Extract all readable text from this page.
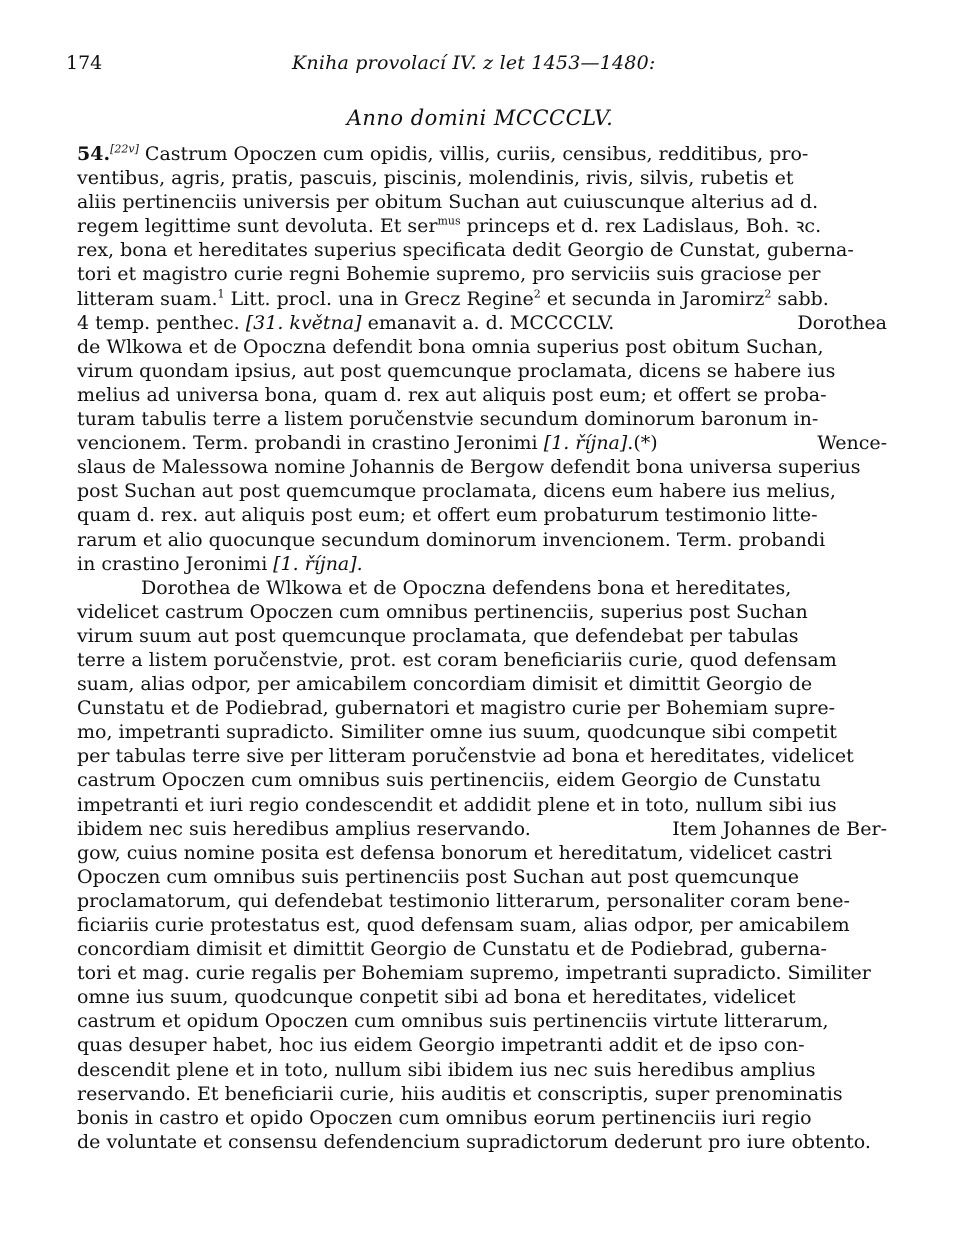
174	Kniha provolací IV. z let 1453—1480:
Anno domini MCCCCLV.
54.[22v] Castrum Opoczen cum opidis, villis, curiis, censibus, redditibus, pro-
ventibus, agris, pratis, pascuis, piscinis, molendinis, rivis, silvis, rubetis et
aliis pertinenciis universis per obitum Suchan aut cuiuscunque alterius ad d.
regem legittime sunt devoluta. Et ser$^{mus}$ princeps et d. rex Ladislaus, Boh. ꝛc.
rex, bona et hereditates superius specificata dedit Georgio de Cunstat, guberna-
tori et magistro curie regni Bohemie supremo, pro serviciis suis graciose per
litteram suam.$^1$ Litt. procl. una in Grecz Regine$^2$ et secunda in Jaromirz$^2$ sabb.
4 temp. penthec. [31. května] emanavit a. d. MCCCCLV.	Dorothea
de Wlkowa et de Opoczna defendit bona omnia superius post obitum Suchan,
virum quondam ipsius, aut post quemcunque proclamata, dicens se habere ius
melius ad universa bona, quam d. rex aut aliquis post eum; et offert se proba-
turam tabulis terre a listem poručenstvie secundum dominorum baronum in-
vencionem. Term. probandi in crastino Jeronimi [1. října].(*)	Wence-
slaus de Malessowa nomine Johannis de Bergow defendit bona universa superius
post Suchan aut post quemcumque proclamata, dicens eum habere ius melius,
quam d. rex. aut aliquis post eum; et offert eum probaturum testimonio litte-
rarum et alio quocunque secundum dominorum invencionem. Term. probandi
in crastino Jeronimi [1. října].
Dorothea de Wlkowa et de Opoczna defendens bona et hereditates,
videlicet castrum Opoczen cum omnibus pertinenciis, superius post Suchan
virum suum aut post quemcunque proclamata, que defendebat per tabulas
terre a listem poručenstvie, prot. est coram beneficiariis curie, quod defensam
suam, alias odpor, per amicabilem concordiam dimisit et dimittit Georgio de
Cunstatu et de Podiebrad, gubernatori et magistro curie per Bohemiam supre-
mo, impetranti supradicto. Similiter omne ius suum, quodcunque sibi competit
per tabulas terre sive per litteram poručenstvie ad bona et hereditates, videlicet
castrum Opoczen cum omnibus suis pertinenciis, eidem Georgio de Cunstatu
impetranti et iuri regio condescendit et addidit plene et in toto, nullum sibi ius
ibidem nec suis heredibus amplius reservando.	Item Johannes de Ber-
gow, cuius nomine posita est defensa bonorum et hereditatum, videlicet castri
Opoczen cum omnibus suis pertinenciis post Suchan aut post quemcunque
proclamatorum, qui defendebat testimonio litterarum, personaliter coram bene-
ficiariis curie protestatus est, quod defensam suam, alias odpor, per amicabilem
concordiam dimisit et dimittit Georgio de Cunstatu et de Podiebrad, guberna-
tori et mag. curie regalis per Bohemiam supremo, impetranti supradicto. Similiter
omne ius suum, quodcunque conpetit sibi ad bona et hereditates, videlicet
castrum et opidum Opoczen cum omnibus suis pertinenciis virtute litterarum,
quas desuper habet, hoc ius eidem Georgio impetranti addit et de ipso con-
descendit plene et in toto, nullum sibi ibidem ius nec suis heredibus amplius
reservando. Et beneficiarii curie, hiis auditis et conscriptis, super prenominatis
bonis in castro et opido Opoczen cum omnibus eorum pertinenciis iuri regio
de voluntate et consensu defendencium supradictorum dederunt pro iure obtento.
